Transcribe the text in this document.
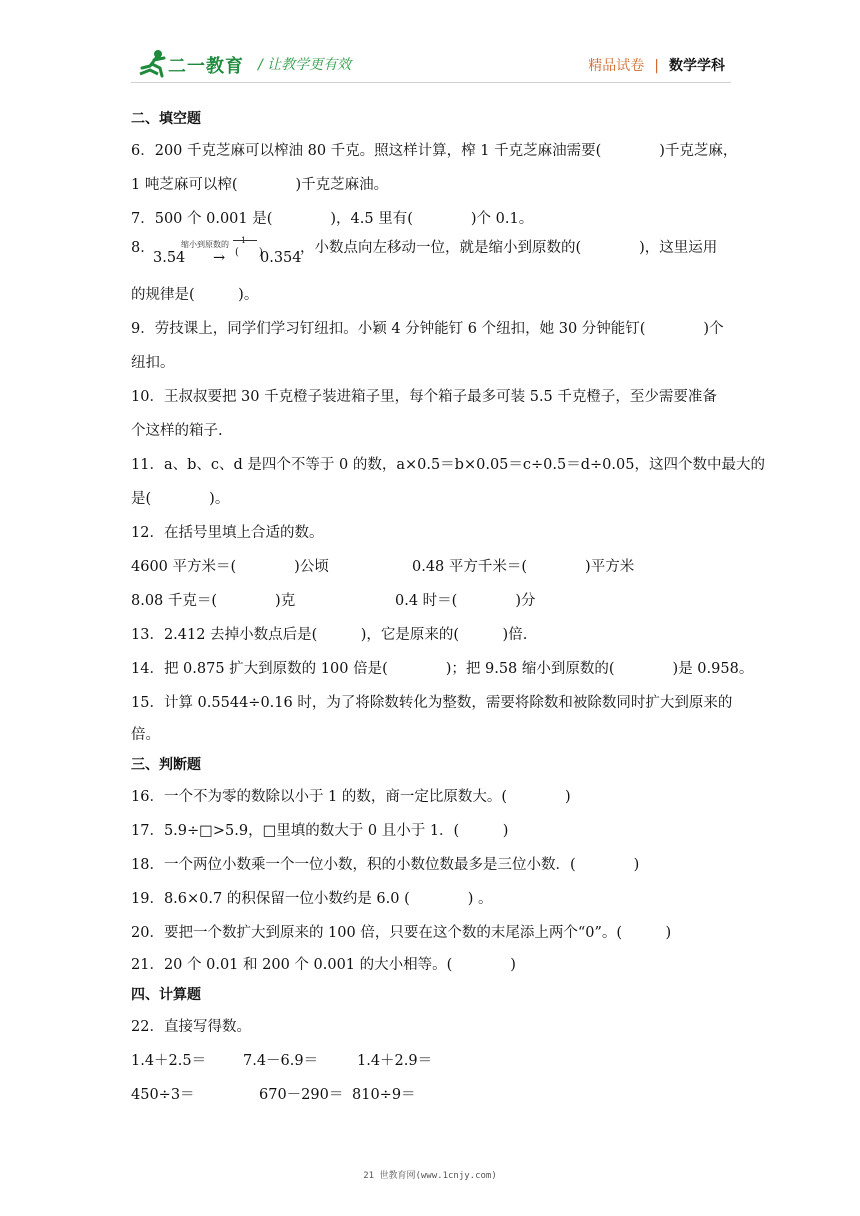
二一教育 / 让教学更有效	精品试卷 | 数学学科
二、填空题
6．200 千克芝麻可以榨油 80 千克。照这样计算，榨 1 千克芝麻油需要(　　　　)千克芝麻，
1 吨芝麻可以榨(　　　　)千克芝麻油。
7．500 个 0.001 是(　　　　)，4.5 里有(　　　　)个 0.1。
8．	缩小到原数的 1
(　　)
3.54 → 0.354
，小数点向左移动一位，就是缩小到原数的(　　　　)，这里运用
的规律是(　　　)。
9．劳技课上，同学们学习钉纽扣。小颖 4 分钟能钉 6 个纽扣，她 30 分钟能钉(　　　　)个
纽扣。
10．王叔叔要把 30 千克橙子装进箱子里，每个箱子最多可装 5.5 千克橙子，至少需要准备
个这样的箱子.
11．a、b、c、d 是四个不等于 0 的数，a×0.5＝b×0.05＝c÷0.5＝d÷0.05，这四个数中最大的
是(　　　　)。
12．在括号里填上合适的数。
4600 平方米＝(　　　　)公顷	0.48 平方千米＝(　　　　)平方米
8.08 千克＝(　　　　)克	0.4 时＝(　　　　)分
13．2.412 去掉小数点后是(　　　)，它是原来的(　　　)倍.
14．把 0.875 扩大到原数的 100 倍是(　　　　)；把 9.58 缩小到原数的(　　　　)是 0.958。
15．计算 0.5544÷0.16 时，为了将除数转化为整数，需要将除数和被除数同时扩大到原来的
倍。
三、判断题
16．一个不为零的数除以小于 1 的数，商一定比原数大。(　　　　)
17．5.9÷□>5.9，□里填的数大于 0 且小于 1．(　　　)
18．一个两位小数乘一个一位小数，积的小数位数最多是三位小数．(　　　　)
19．8.6×0.7 的积保留一位小数约是 6.0 (　　　　) 。
20．要把一个数扩大到原来的 100 倍，只要在这个数的末尾添上两个“0”。(　　　)
21．20 个 0.01 和 200 个 0.001 的大小相等。(　　　　)
四、计算题
22．直接写得数。
1.4＋2.5＝	7.4－6.9＝	1.4＋2.9＝
450÷3＝	670－290＝ 810÷9＝
21 世教育网(www.1cnjy.com)
